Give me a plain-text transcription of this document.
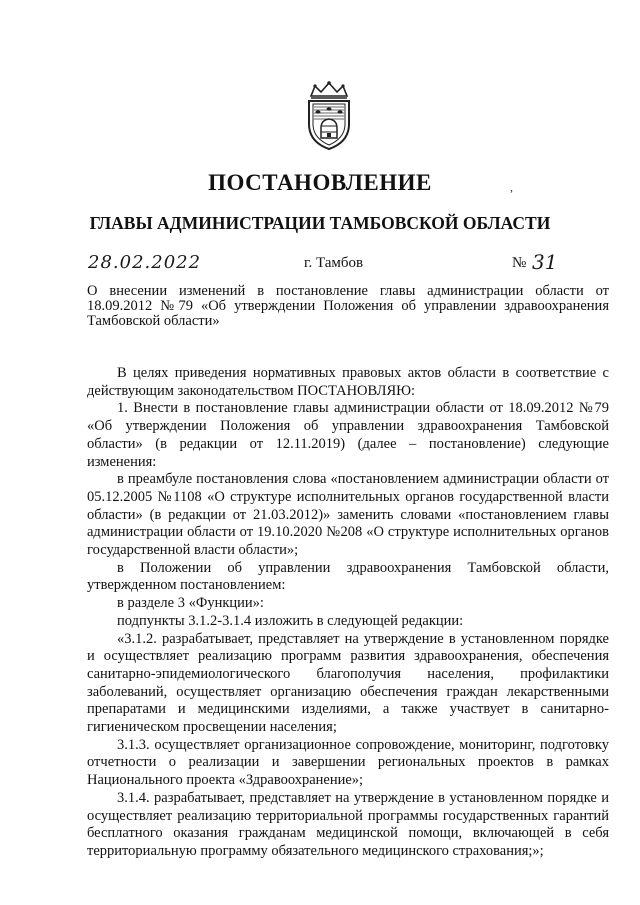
ПОСТАНОВЛЕНИЕ	,
ГЛАВЫ АДМИНИСТРАЦИИ ТАМБОВСКОЙ ОБЛАСТИ
28.02.2022	г. Тамбов	№ 31
О внесении изменений в постановление главы администрации области от 18.09.2012 №79 «Об утверждении Положения об управлении здравоохранения Тамбовской области»

В целях приведения нормативных правовых актов области в соответствие с действующим законодательством ПОСТАНОВЛЯЮ:

1. Внести в постановление главы администрации области от 18.09.2012 №79 «Об утверждении Положения об управлении здравоохранения Тамбовской области» (в редакции от 12.11.2019) (далее – постановление) следующие изменения:

в преамбуле постановления слова «постановлением администрации области от 05.12.2005 №1108 «О структуре исполнительных органов государственной власти области» (в редакции от 21.03.2012)» заменить словами «постановлением главы администрации области от 19.10.2020 №208 «О структуре исполнительных органов государственной власти области»;

в Положении об управлении здравоохранения Тамбовской области, утвержденном постановлением:

в разделе 3 «Функции»:

подпункты 3.1.2-3.1.4 изложить в следующей редакции:

«3.1.2. разрабатывает, представляет на утверждение в установленном порядке и осуществляет реализацию программ развития здравоохранения, обеспечения санитарно-эпидемиологического благополучия населения, профилактики заболеваний, осуществляет организацию обеспечения граждан лекарственными препаратами и медицинскими изделиями, а также участвует в санитарно-гигиеническом просвещении населения;

3.1.3. осуществляет организационное сопровождение, мониторинг, подготовку отчетности о реализации и завершении региональных проектов в рамках Национального проекта «Здравоохранение»;

3.1.4. разрабатывает, представляет на утверждение в установленном порядке и осуществляет реализацию территориальной программы государственных гарантий бесплатного оказания гражданам медицинской помощи, включающей в себя территориальную программу обязательного медицинского страхования;»;
